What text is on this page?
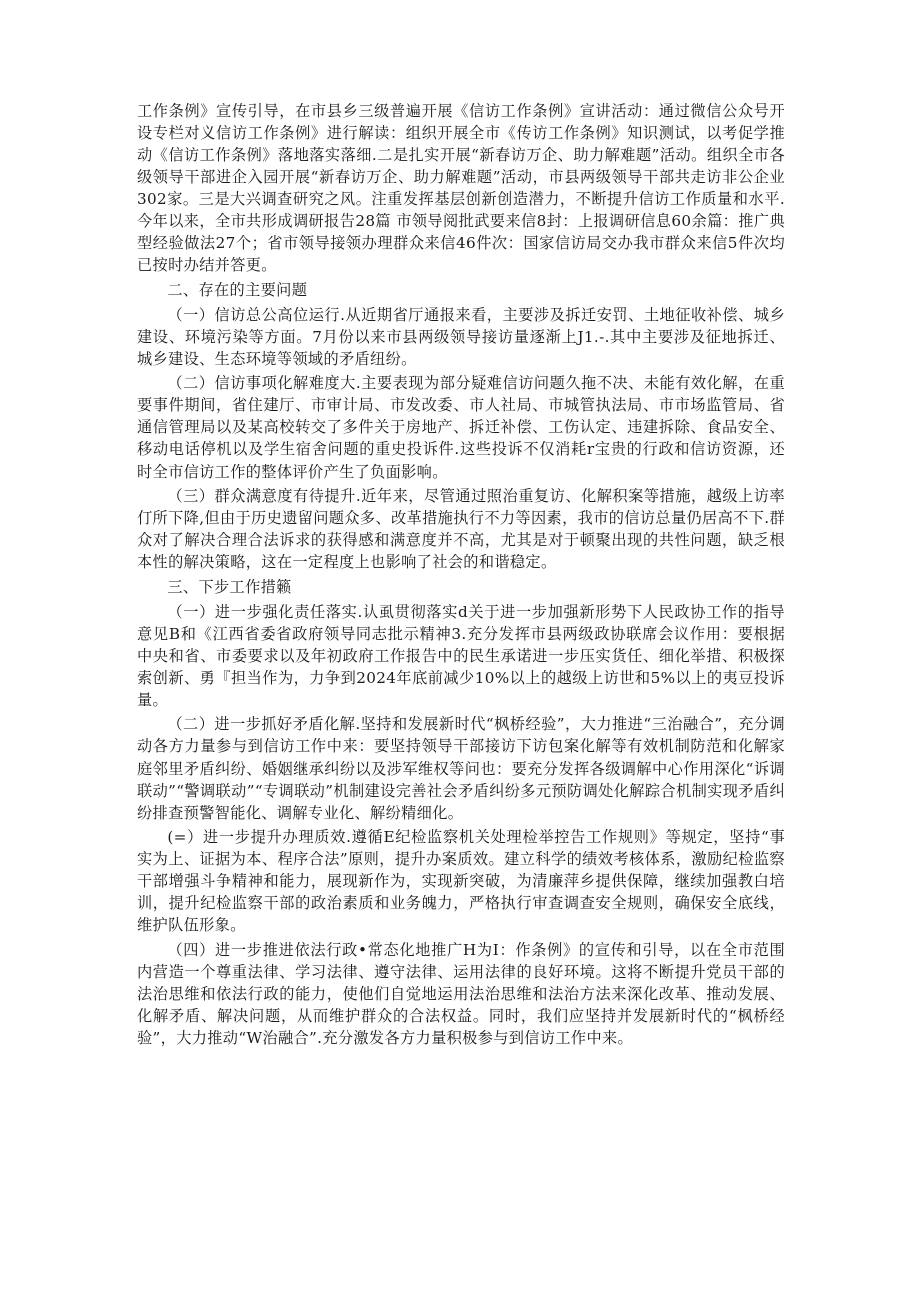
工作条例》宣传引导，在市县乡三级普遍开展《信访工作条例》宣讲活动：通过微信公众号开设专栏对义信访工作条例》进行解读：组织开展全市《传访工作条例》知识测试，以考促学推动《信访工作条例》落地落实落细.二是扎实开展“新春访万企、助力解难题”活动。组织全市各级领导干部进企入园开展“新春访万企、助力解难题”活动，市县两级领导干部共走访非公企业302家。三是大兴调查研究之风。注重发挥基层创新创造潜力，不断提升信访工作质量和水平.今年以来，全市共形成调研报告28篇 市领导阅批武要来信8封：上报调研信息60余篇：推广典型经验做法27个；省市领导接领办理群众来信46件次：国家信访局交办我市群众来信5件次均已按时办结并答更。

二、存在的主要问题

（一）信访总公高位运行.从近期省厅通报来看，主要涉及拆迁安罚、土地征收补偿、城乡建设、环境污染等方面。7月份以来市县两级领导接访量逐渐上J1.-.其中主要涉及征地拆迁、城乡建设、生态环境等领域的矛盾纽纷。

（二）信访事项化解难度大.主要表现为部分疑难信访问题久拖不决、未能有效化解，在重要事件期间，省住建厅、市审计局、市发改委、市人社局、市城管执法局、市市场监管局、省通信管理局以及某高校转交了多件关于房地产、拆迁补偿、工伤认定、违建拆除、食品安全、移动电话停机以及学生宿舍问题的重史投诉件.这些投诉不仅消耗r宝贵的行政和信访资源，还时全市信访工作的整体评价产生了负面影响。

（三）群众满意度有待提升.近年来，尽管通过照治重复访、化解积案等措施，越级上访率仃所下降,但由于历史遗留问题众多、改革措施执行不力等因素，我市的信访总量仍居高不下.群众对了解决合理合法诉求的获得感和满意度并不高，尤其是对于顿聚出现的共性问题，缺乏根本性的解决策略，这在一定程度上也影响了社会的和谐稳定。

三、下步工作措籁

（一）进一步强化责任落实.认虱贯彻落实d关于进一步加强新形势下人民政协工作的指导意见B和《江西省委省政府领导同志批示精神3.充分发挥市县两级政协联席会议作用：要根据中央和省、市委要求以及年初政府工作报告中的民生承诺进一步压实货任、细化举措、积极探索创新、勇『担当作为，力争到2024年底前减少10%以上的越级上访世和5%以上的夷豆投诉量。

（二）进一步抓好矛盾化解.坚持和发展新时代“枫桥经验”，大力推进“三治融合”，充分调动各方力量参与到信访工作中来：要坚持领导干部接访下访包案化解等有效机制防范和化解家庭邻里矛盾纠纷、婚姻继承纠纷以及涉军维权等问也：要充分发挥各级调解中心作用深化“诉调联动”“警调联动”“专调联动”机制建设完善社会矛盾纠纷多元预防调处化解踪合机制实现矛盾纠纷排查预警智能化、调解专业化、解纷精细化。

(=）进一步提升办理质效.遵循E纪检监察机关处理检举控告工作规则》等规定，坚持“事实为上、证据为本、程序合法”原则，提升办案质效。建立科学的绩效考核体系，激励纪检监察干部增强斗争精神和能力，展现新作为，实现新突破，为清廉萍乡提供保障，继续加强教白培训，提升纪检监察干部的政治素质和业务魄力，严格执行审查调查安全规则，确保安全底线，维护队伍形象。

（四）进一步推进依法行政•常态化地推广H为I：作条例》的宣传和引导，以在全市范围内营造一个尊重法律、学习法律、遵守法律、运用法律的良好环境。这将不断提升党员干部的法治思维和依法行政的能力，使他们自觉地运用法治思维和法治方法来深化改革、推动发展、化解矛盾、解决问题，从而维护群众的合法权益。同时，我们应坚持并发展新时代的“枫桥经验”，大力推动“W治融合”.充分激发各方力量积极参与到信访工作中来。
